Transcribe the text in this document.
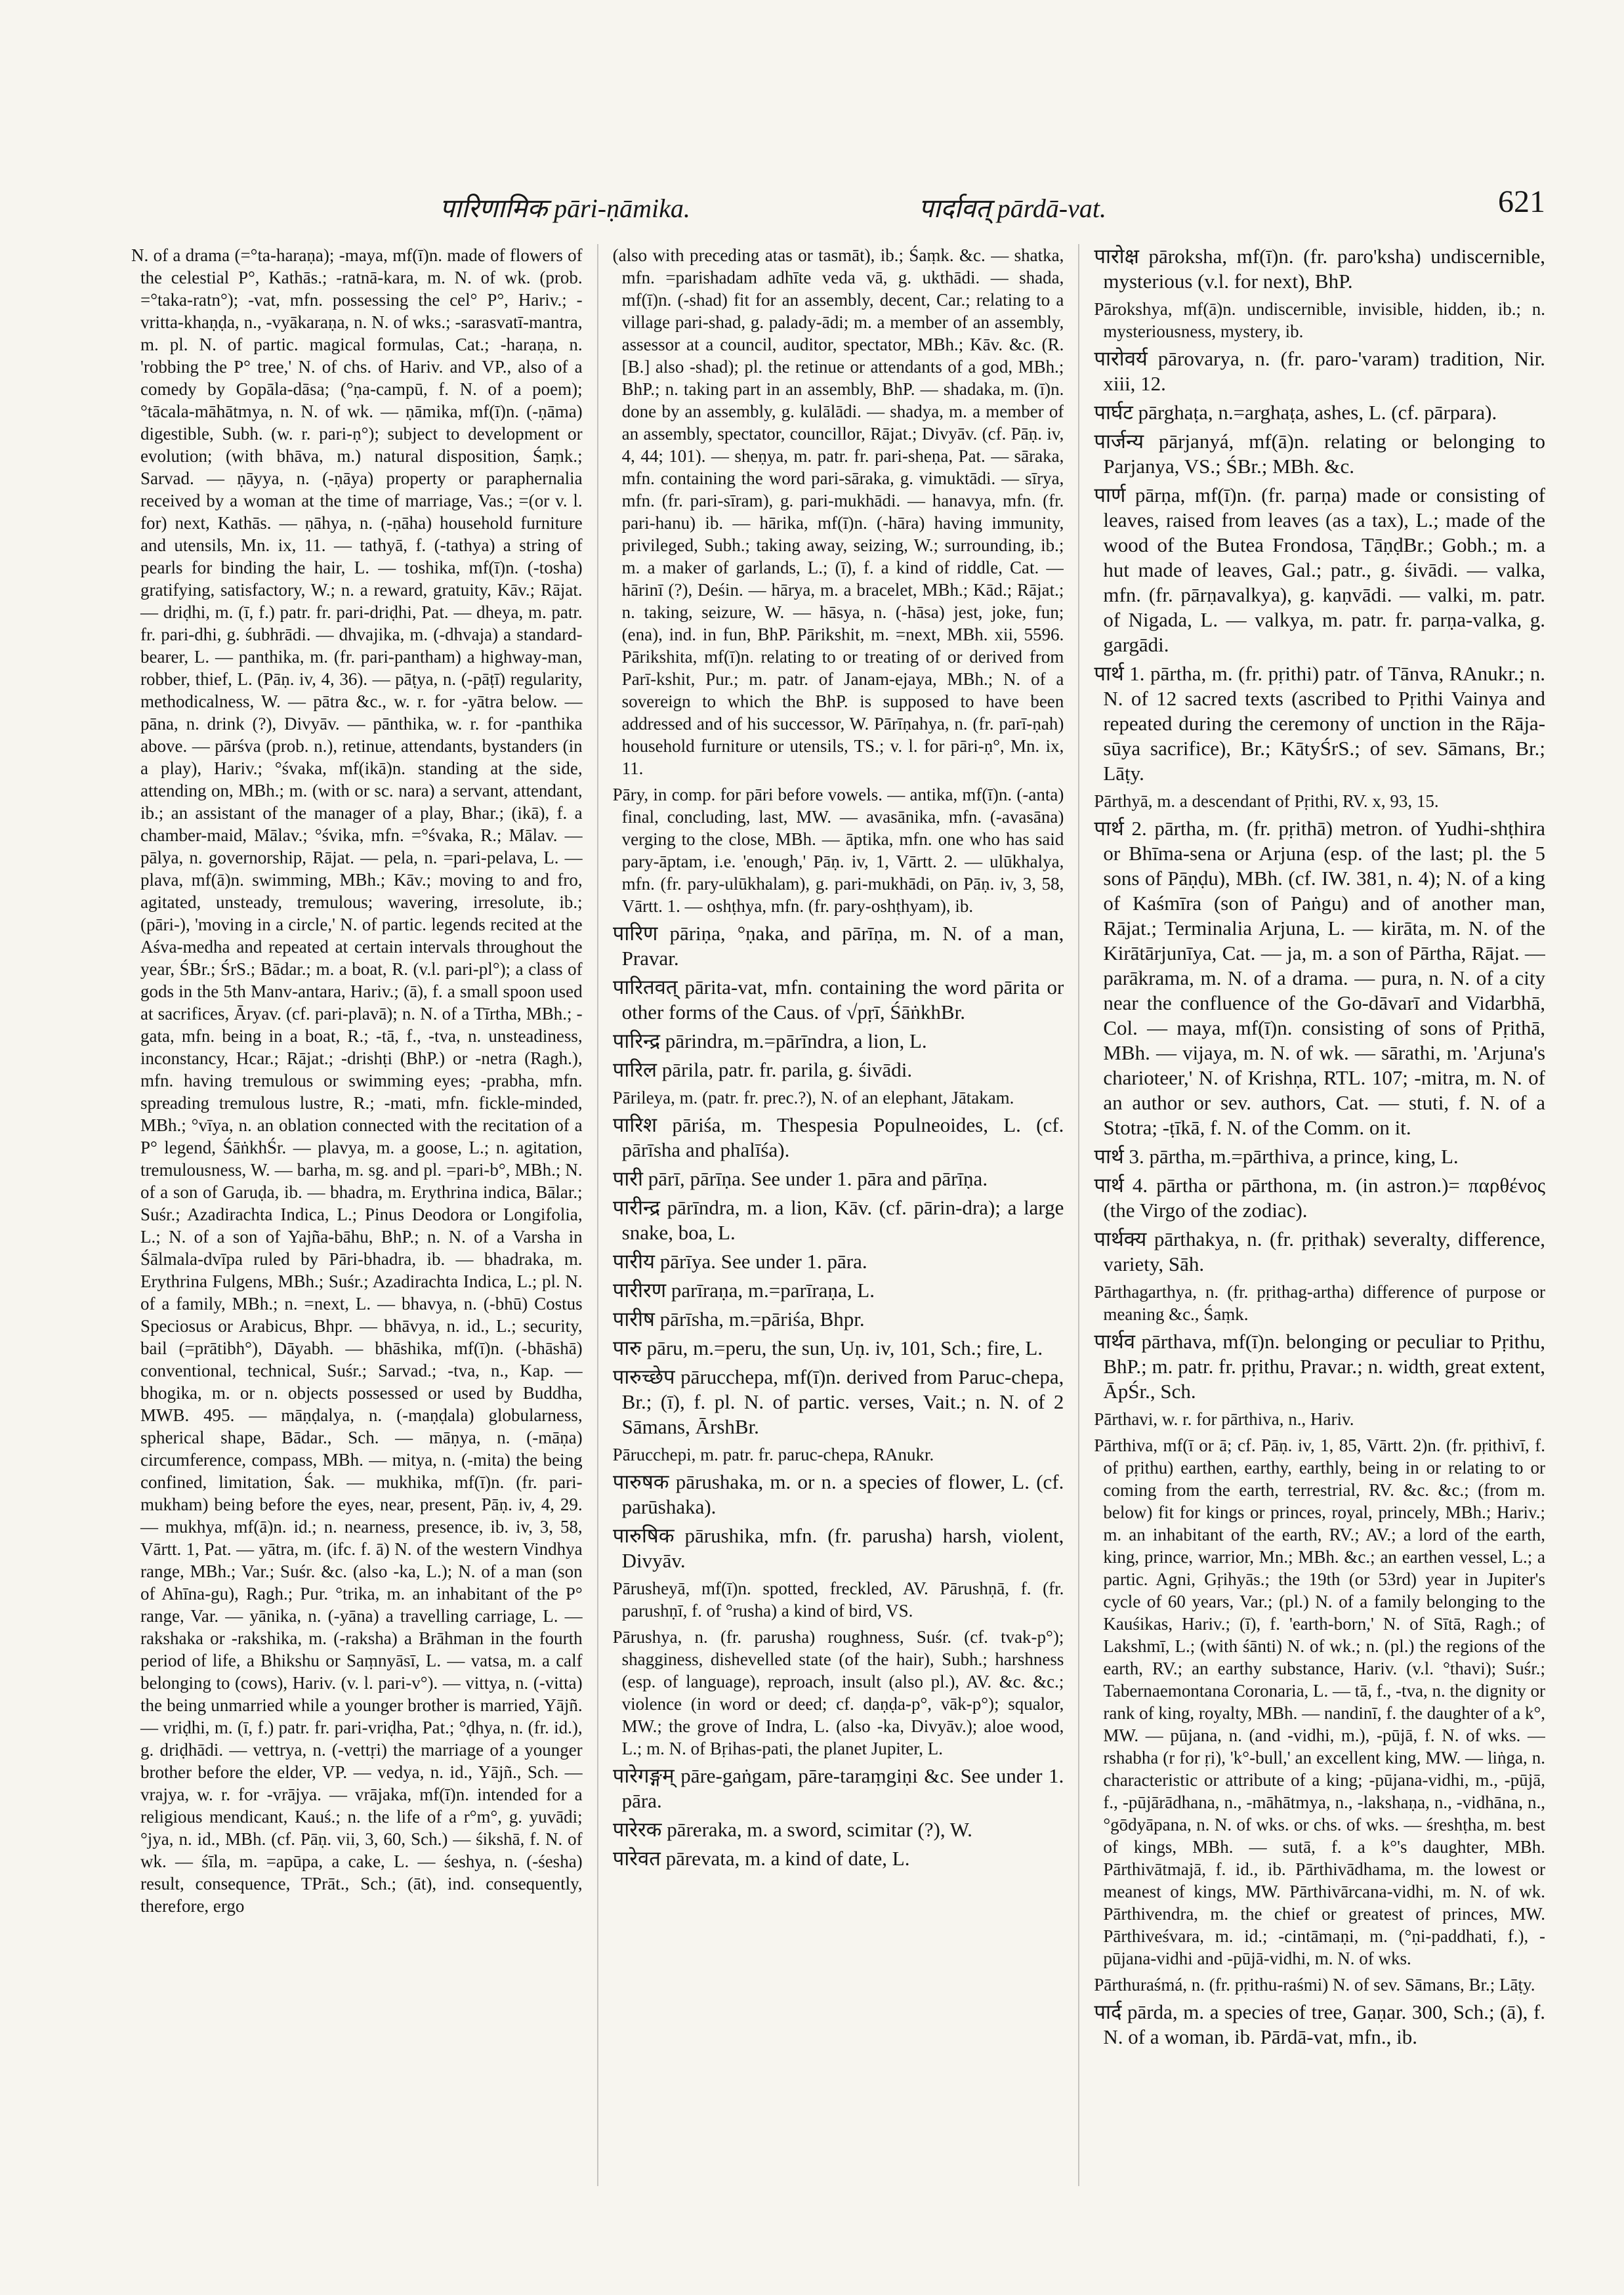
पारिणामिक pāri-ṇāmika.	पार्दावत् pārdā-vat.	621

N. of a drama (=°ta-haraṇa); -maya, mf(ī)n. made of flowers of the celestial P°, Kathās.; -ratnā-kara, m. N. of wk. (prob. =°taka-ratn°); -vat, mfn. possessing the cel° P°, Hariv.; -vritta-khaṇḍa, n., -vyākaraṇa, n. N. of wks.; -sarasvatī-mantra, m. pl. N. of partic. magical formulas, Cat.; -haraṇa, n. 'robbing the P° tree,' N. of chs. of Hariv. and VP., also of a comedy by Gopāla-dāsa; (°ṇa-campū, f. N. of a poem); °tācala-māhātmya, n. N. of wk. — ṇāmika, mf(ī)n. (-ṇāma) digestible, Subh. (w. r. pari-ṇ°); subject to development or evolution; (with bhāva, m.) natural disposition, Śaṃk.; Sarvad. — ṇāyya, n. (-ṇāya) property or paraphernalia received by a woman at the time of marriage, Vas.; =(or v. l. for) next, Kathās. — ṇāhya, n. (-ṇāha) household furniture and utensils, Mn. ix, 11. — tathyā, f. (-tathya) a string of pearls for binding the hair, L. — toshika, mf(ī)n. (-tosha) gratifying, satisfactory, W.; n. a reward, gratuity, Kāv.; Rājat. — driḍhi, m. (ī, f.) patr. fr. pari-driḍhi, Pat. — dheya, m. patr. fr. pari-dhi, g. śubhrādi. — dhvajika, m. (-dhvaja) a standard-bearer, L. — panthika, m. (fr. pari-pantham) a highway-man, robber, thief, L. (Pāṇ. iv, 4, 36). — pāṭya, n. (-pāṭī) regularity, methodicalness, W. — pātra &c., w. r. for -yātra below. — pāna, n. drink (?), Divyāv. — pānthika, w. r. for -panthika above. — pārśva (prob. n.), retinue, attendants, bystanders (in a play), Hariv.; °śvaka, mf(ikā)n. standing at the side, attending on, MBh.; m. (with or sc. nara) a servant, attendant, ib.; an assistant of the manager of a play, Bhar.; (ikā), f. a chamber-maid, Mālav.; °śvika, mfn. =°śvaka, R.; Mālav. — pālya, n. governorship, Rājat. — pela, n. =pari-pelava, L. — plava, mf(ā)n. swimming, MBh.; Kāv.; moving to and fro, agitated, unsteady, tremulous; wavering, irresolute, ib.; (pāri-), 'moving in a circle,' N. of partic. legends recited at the Aśva-medha and repeated at certain intervals throughout the year, ŚBr.; ŚrS.; Bādar.; m. a boat, R. (v.l. pari-pl°); a class of gods in the 5th Manv-antara, Hariv.; (ā), f. a small spoon used at sacrifices, Āryav. (cf. pari-plavā); n. N. of a Tīrtha, MBh.; -gata, mfn. being in a boat, R.; -tā, f., -tva, n. unsteadiness, inconstancy, Hcar.; Rājat.; -drishṭi (BhP.) or -netra (Ragh.), mfn. having tremulous or swimming eyes; -prabha, mfn. spreading tremulous lustre, R.; -mati, mfn. fickle-minded, MBh.; °vīya, n. an oblation connected with the recitation of a P° legend, ŚāṅkhŚr. — plavya, m. a goose, L.; n. agitation, tremulousness, W. — barha, m. sg. and pl. =pari-b°, MBh.; N. of a son of Garuḍa, ib. — bhadra, m. Erythrina indica, Bālar.; Suśr.; Azadirachta Indica, L.; Pinus Deodora or Longifolia, L.; N. of a son of Yajña-bāhu, BhP.; n. N. of a Varsha in Śālmala-dvīpa ruled by Pāri-bhadra, ib. — bhadraka, m. Erythrina Fulgens, MBh.; Suśr.; Azadirachta Indica, L.; pl. N. of a family, MBh.; n. =next, L. — bhavya, n. (-bhū) Costus Speciosus or Arabicus, Bhpr. — bhāvya, n. id., L.; security, bail (=prātibh°), Dāyabh. — bhāshika, mf(ī)n. (-bhāshā) conventional, technical, Suśr.; Sarvad.; -tva, n., Kap. — bhogika, m. or n. objects possessed or used by Buddha, MWB. 495. — māṇḍalya, n. (-maṇḍala) globularness, spherical shape, Bādar., Sch. — māṇya, n. (-māṇa) circumference, compass, MBh. — mitya, n. (-mita) the being confined, limitation, Śak. — mukhika, mf(ī)n. (fr. pari-mukham) being before the eyes, near, present, Pāṇ. iv, 4, 29. — mukhya, mf(ā)n. id.; n. nearness, presence, ib. iv, 3, 58, Vārtt. 1, Pat. — yātra, m. (ifc. f. ā) N. of the western Vindhya range, MBh.; Var.; Suśr. &c. (also -ka, L.); N. of a man (son of Ahīna-gu), Ragh.; Pur. °trika, m. an inhabitant of the P° range, Var. — yānika, n. (-yāna) a travelling carriage, L. — rakshaka or -rakshika, m. (-raksha) a Brāhman in the fourth period of life, a Bhikshu or Saṃnyāsī, L. — vatsa, m. a calf belonging to (cows), Hariv. (v. l. pari-v°). — vittya, n. (-vitta) the being unmarried while a younger brother is married, Yājñ. — vriḍhi, m. (ī, f.) patr. fr. pari-vriḍha, Pat.; °ḍhya, n. (fr. id.), g. driḍhādi. — vettrya, n. (-vettṛi) the marriage of a younger brother before the elder, VP. — vedya, n. id., Yājñ., Sch. — vrajya, w. r. for -vrājya. — vrājaka, mf(ī)n. intended for a religious mendicant, Kauś.; n. the life of a r°m°, g. yuvādi; °jya, n. id., MBh. (cf. Pāṇ. vii, 3, 60, Sch.) — śikshā, f. N. of wk. — śīla, m. =apūpa, a cake, L. — śeshya, n. (-śesha) result, consequence, TPrāt., Sch.; (āt), ind. consequently, therefore, ergo

(also with preceding atas or tasmāt), ib.; Śaṃk. &c. — shatka, mfn. =parishadam adhīte veda vā, g. ukthādi. — shada, mf(ī)n. (-shad) fit for an assembly, decent, Car.; relating to a village pari-shad, g. palady-ādi; m. a member of an assembly, assessor at a council, auditor, spectator, MBh.; Kāv. &c. (R. [B.] also -shad); pl. the retinue or attendants of a god, MBh.; BhP.; n. taking part in an assembly, BhP. — shadaka, m. (ī)n. done by an assembly, g. kulālādi. — shadya, m. a member of an assembly, spectator, councillor, Rājat.; Divyāv. (cf. Pāṇ. iv, 4, 44; 101). — sheṇya, m. patr. fr. pari-sheṇa, Pat. — sāraka, mfn. containing the word pari-sāraka, g. vimuktādi. — sīrya, mfn. (fr. pari-sīram), g. pari-mukhādi. — hanavya, mfn. (fr. pari-hanu) ib. — hārika, mf(ī)n. (-hāra) having immunity, privileged, Subh.; taking away, seizing, W.; surrounding, ib.; m. a maker of garlands, L.; (ī), f. a kind of riddle, Cat. — hārinī (?), Deśin. — hārya, m. a bracelet, MBh.; Kād.; Rājat.; n. taking, seizure, W. — hāsya, n. (-hāsa) jest, joke, fun; (ena), ind. in fun, BhP. Pārikshit, m. =next, MBh. xii, 5596. Pārikshita, mf(ī)n. relating to or treating of or derived from Parī-kshit, Pur.; m. patr. of Janam-ejaya, MBh.; N. of a sovereign to which the BhP. is supposed to have been addressed and of his successor, W. Pārīṇahya, n. (fr. parī-ṇah) household furniture or utensils, TS.; v. l. for pāri-ṇ°, Mn. ix, 11.

Pāry, in comp. for pāri before vowels. — antika, mf(ī)n. (-anta) final, concluding, last, MW. — avasānika, mfn. (-avasāna) verging to the close, MBh. — āptika, mfn. one who has said pary-āptam, i.e. 'enough,' Pāṇ. iv, 1, Vārtt. 2. — ulūkhalya, mfn. (fr. pary-ulūkhalam), g. pari-mukhādi, on Pāṇ. iv, 3, 58, Vārtt. 1. — oshṭhya, mfn. (fr. pary-oshṭhyam), ib.

पारिण pāriṇa, °ṇaka, and pārīṇa, m. N. of a man, Pravar.

पारितवत् pārita-vat, mfn. containing the word pārita or other forms of the Caus. of √pṛī, ŚāṅkhBr.

पारिन्द्र pārindra, m.=pārīndra, a lion, L.

पारिल pārila, patr. fr. parila, g. śivādi.

Pārileya, m. (patr. fr. prec.?), N. of an elephant, Jātakam.

पारिश pāriśa, m. Thespesia Populneoides, L. (cf. pārīsha and phalīśa).

पारी pārī, pārīṇa. See under 1. pāra and pārīṇa.

पारीन्द्र pārīndra, m. a lion, Kāv. (cf. pārin-dra); a large snake, boa, L.

पारीय pārīya. See under 1. pāra.

पारीरण parīraṇa, m.=parīraṇa, L.

पारीष pārīsha, m.=pāriśa, Bhpr.

पारु pāru, m.=peru, the sun, Uṇ. iv, 101, Sch.; fire, L.

पारुच्छेप pārucchepa, mf(ī)n. derived from Paruc-chepa, Br.; (ī), f. pl. N. of partic. verses, Vait.; n. N. of 2 Sāmans, ĀrshBr.

Pārucchepi, m. patr. fr. paruc-chepa, RAnukr.

पारुषक pārushaka, m. or n. a species of flower, L. (cf. parūshaka).

पारुषिक pārushika, mfn. (fr. parusha) harsh, violent, Divyāv.

Pārusheyā, mf(ī)n. spotted, freckled, AV. Pārushṇā, f. (fr. parushṇī, f. of °rusha) a kind of bird, VS.

Pārushya, n. (fr. parusha) roughness, Suśr. (cf. tvak-p°); shagginess, dishevelled state (of the hair), Subh.; harshness (esp. of language), reproach, insult (also pl.), AV. &c. &c.; violence (in word or deed; cf. daṇḍa-p°, vāk-p°); squalor, MW.; the grove of Indra, L. (also -ka, Divyāv.); aloe wood, L.; m. N. of Bṛihas-pati, the planet Jupiter, L.

पारेगङ्गम् pāre-gaṅgam, pāre-taraṃgiṇi &c. See under 1. pāra.

पारेरक pāreraka, m. a sword, scimitar (?), W.

पारेवत pārevata, m. a kind of date, L.

पारोक्ष pāroksha, mf(ī)n. (fr. paro'ksha) undiscernible, mysterious (v.l. for next), BhP.

Pārokshya, mf(ā)n. undiscernible, invisible, hidden, ib.; n. mysteriousness, mystery, ib.

पारोवर्य pārovarya, n. (fr. paro-'varam) tradition, Nir. xiii, 12.

पार्घट pārghaṭa, n.=arghaṭa, ashes, L. (cf. pārpara).

पार्जन्य pārjanyá, mf(ā)n. relating or belonging to Parjanya, VS.; ŚBr.; MBh. &c.

पार्ण pārṇa, mf(ī)n. (fr. parṇa) made or consisting of leaves, raised from leaves (as a tax), L.; made of the wood of the Butea Frondosa, TāṇḍBr.; Gobh.; m. a hut made of leaves, Gal.; patr., g. śivādi. — valka, mfn. (fr. pārṇavalkya), g. kaṇvādi. — valki, m. patr. of Nigada, L. — valkya, m. patr. fr. parṇa-valka, g. gargādi.

पार्थ 1. pārtha, m. (fr. pṛithi) patr. of Tānva, RAnukr.; n. N. of 12 sacred texts (ascribed to Pṛithi Vainya and repeated during the ceremony of unction in the Rāja-sūya sacrifice), Br.; KātyŚrS.; of sev. Sāmans, Br.; Lāṭy.

Pārthyā, m. a descendant of Pṛithi, RV. x, 93, 15.

पार्थ 2. pārtha, m. (fr. pṛithā) metron. of Yudhi-shṭhira or Bhīma-sena or Arjuna (esp. of the last; pl. the 5 sons of Pāṇḍu), MBh. (cf. IW. 381, n. 4); N. of a king of Kaśmīra (son of Paṅgu) and of another man, Rājat.; Terminalia Arjuna, L. — kirāta, m. N. of the Kirātārjunīya, Cat. — ja, m. a son of Pārtha, Rājat. — parākrama, m. N. of a drama. — pura, n. N. of a city near the confluence of the Go-dāvarī and Vidarbhā, Col. — maya, mf(ī)n. consisting of sons of Pṛithā, MBh. — vijaya, m. N. of wk. — sārathi, m. 'Arjuna's charioteer,' N. of Krishṇa, RTL. 107; -mitra, m. N. of an author or sev. authors, Cat. — stuti, f. N. of a Stotra; -ṭīkā, f. N. of the Comm. on it.

पार्थ 3. pārtha, m.=pārthiva, a prince, king, L.

पार्थ 4. pārtha or pārthona, m. (in astron.)= παρθένος (the Virgo of the zodiac).

पार्थक्य pārthakya, n. (fr. pṛithak) severalty, difference, variety, Sāh.

Pārthagarthya, n. (fr. pṛithag-artha) difference of purpose or meaning &c., Śaṃk.

पार्थव pārthava, mf(ī)n. belonging or peculiar to Pṛithu, BhP.; m. patr. fr. pṛithu, Pravar.; n. width, great extent, ĀpŚr., Sch.

Pārthavi, w. r. for pārthiva, n., Hariv.

Pārthiva, mf(ī or ā; cf. Pāṇ. iv, 1, 85, Vārtt. 2)n. (fr. pṛithivī, f. of pṛithu) earthen, earthy, earthly, being in or relating to or coming from the earth, terrestrial, RV. &c. &c.; (from m. below) fit for kings or princes, royal, princely, MBh.; Hariv.; m. an inhabitant of the earth, RV.; AV.; a lord of the earth, king, prince, warrior, Mn.; MBh. &c.; an earthen vessel, L.; a partic. Agni, Gṛihyās.; the 19th (or 53rd) year in Jupiter's cycle of 60 years, Var.; (pl.) N. of a family belonging to the Kauśikas, Hariv.; (ī), f. 'earth-born,' N. of Sītā, Ragh.; of Lakshmī, L.; (with śānti) N. of wk.; n. (pl.) the regions of the earth, RV.; an earthy substance, Hariv. (v.l. °thavi); Suśr.; Tabernaemontana Coronaria, L. — tā, f., -tva, n. the dignity or rank of king, royalty, MBh. — nandinī, f. the daughter of a k°, MW. — pūjana, n. (and -vidhi, m.), -pūjā, f. N. of wks. — rshabha (r for ṛi), 'k°-bull,' an excellent king, MW. — liṅga, n. characteristic or attribute of a king; -pūjana-vidhi, m., -pūjā, f., -pūjārādhana, n., -māhātmya, n., -lakshaṇa, n., -vidhāna, n., °gōdyāpana, n. N. of wks. or chs. of wks. — śreshṭha, m. best of kings, MBh. — sutā, f. a k°'s daughter, MBh. Pārthivātmajā, f. id., ib. Pārthivādhama, m. the lowest or meanest of kings, MW. Pārthivārcana-vidhi, m. N. of wk. Pārthivendra, m. the chief or greatest of princes, MW. Pārthiveśvara, m. id.; -cintāmaṇi, m. (°ṇi-paddhati, f.), -pūjana-vidhi and -pūjā-vidhi, m. N. of wks.

Pārthuraśmá, n. (fr. pṛithu-raśmi) N. of sev. Sāmans, Br.; Lāṭy.

पार्द pārda, m. a species of tree, Gaṇar. 300, Sch.; (ā), f. N. of a woman, ib. Pārdā-vat, mfn., ib.
